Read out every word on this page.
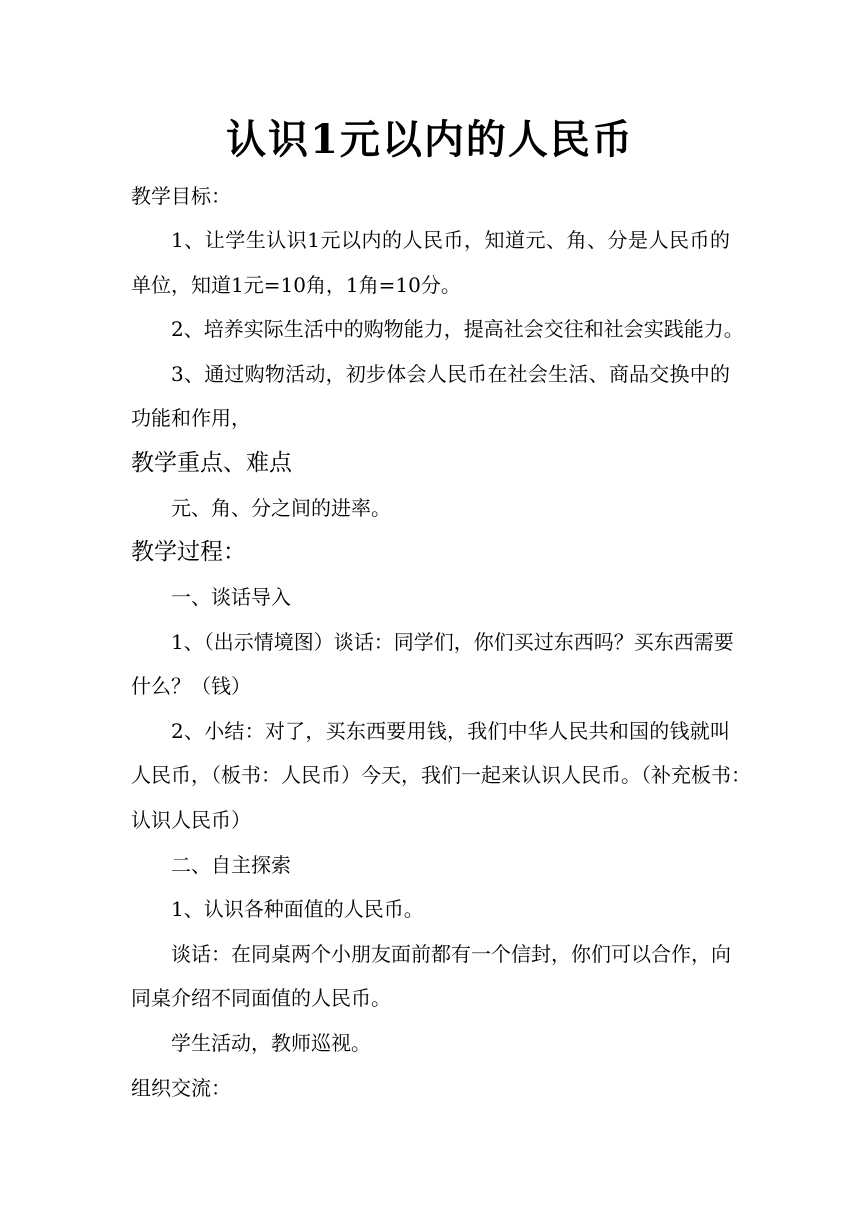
认识1元以内的人民币
教学目标：
1、让学生认识1元以内的人民币，知道元、角、分是人民币的
单位，知道1元=10角，1角=10分。
2、培养实际生活中的购物能力，提高社会交往和社会实践能力。
3、通过购物活动，初步体会人民币在社会生活、商品交换中的
功能和作用，
教学重点、难点
元、角、分之间的进率。
教学过程：
一、谈话导入
1、（出示情境图）谈话：同学们，你们买过东西吗？买东西需要
什么？（钱）
2、小结：对了，买东西要用钱，我们中华人民共和国的钱就叫
人民币，（板书：人民币）今天，我们一起来认识人民币。（补充板书：
认识人民币）
二、自主探索
1、认识各种面值的人民币。
谈话：在同桌两个小朋友面前都有一个信封，你们可以合作，向
同桌介绍不同面值的人民币。
学生活动，教师巡视。
组织交流：
